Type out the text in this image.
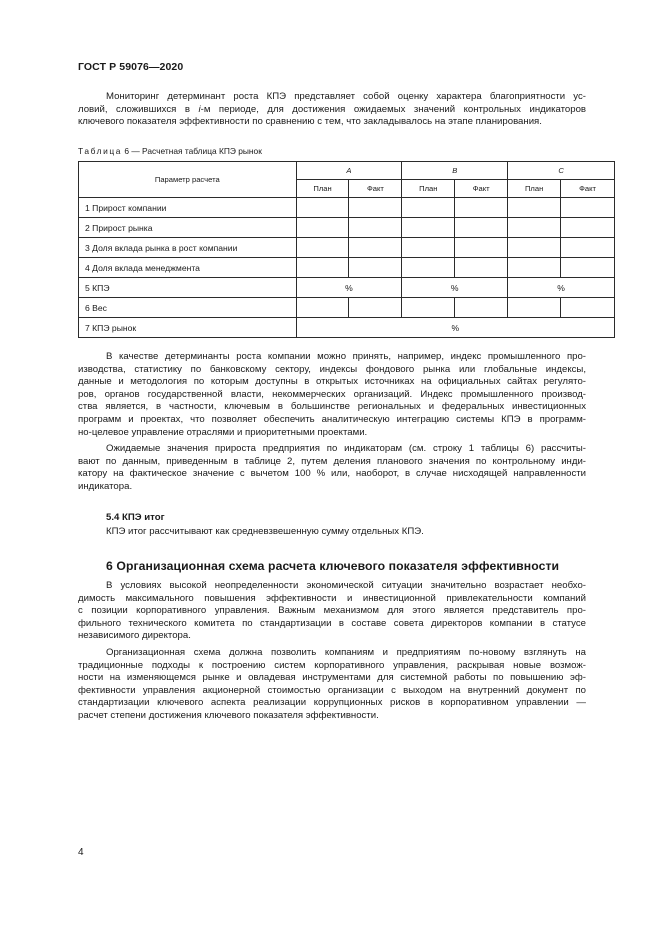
ГОСТ Р 59076—2020
Мониторинг детерминант роста КПЭ представляет собой оценку характера благоприятности ус-
ловий, сложившихся в i-м периоде, для достижения ожидаемых значений контрольных индикаторов
ключевого показателя эффективности по сравнению с тем, что закладывалось на этапе планирования.
Таблица 6 — Расчетная таблица КПЭ рынок
Параметр расчета	A		B		C	
	План	Факт	План	Факт	План	Факт
1 Прирост компании						
2 Прирост рынка						
3 Доля вклада рынка в рост компании						
4 Доля вклада менеджмента						
5 КПЭ	%		%		%	
6 Вес						
7 КПЭ рынок	%					
В качестве детерминанты роста компании можно принять, например, индекс промышленного про-
изводства, статистику по банковскому сектору, индексы фондового рынка или глобальные индексы,
данные и методология по которым доступны в открытых источниках на официальных сайтах регулято-
ров, органов государственной власти, некоммерческих организаций. Индекс промышленного производ-
ства является, в частности, ключевым в большинстве региональных и федеральных инвестиционных
программ и проектах, что позволяет обеспечить аналитическую интеграцию системы КПЭ в программ-
но-целевое управление отраслями и приоритетными проектами.
Ожидаемые значения прироста предприятия по индикаторам (см. строку 1 таблицы 6) рассчиты-
вают по данным, приведенным в таблице 2, путем деления планового значения по контрольному инди-
катору на фактическое значение с вычетом 100 % или, наоборот, в случае нисходящей направленности
индикатора.
5.4 КПЭ итог
КПЭ итог рассчитывают как средневзвешенную сумму отдельных КПЭ.
6 Организационная схема расчета ключевого показателя эффективности
В условиях высокой неопределенности экономической ситуации значительно возрастает необхо-
димость максимального повышения эффективности и инвестиционной привлекательности компаний
с позиции корпоративного управления. Важным механизмом для этого является представитель про-
фильного технического комитета по стандартизации в составе совета директоров компании в статусе
независимого директора.
Организационная схема должна позволить компаниям и предприятиям по-новому взглянуть на
традиционные подходы к построению систем корпоративного управления, раскрывая новые возмож-
ности на изменяющемся рынке и овладевая инструментами для системной работы по повышению эф-
фективности управления акционерной стоимостью организации с выходом на внутренний документ по
стандартизации ключевого аспекта реализации коррупционных рисков в корпоративном управлении —
расчет степени достижения ключевого показателя эффективности.
4
